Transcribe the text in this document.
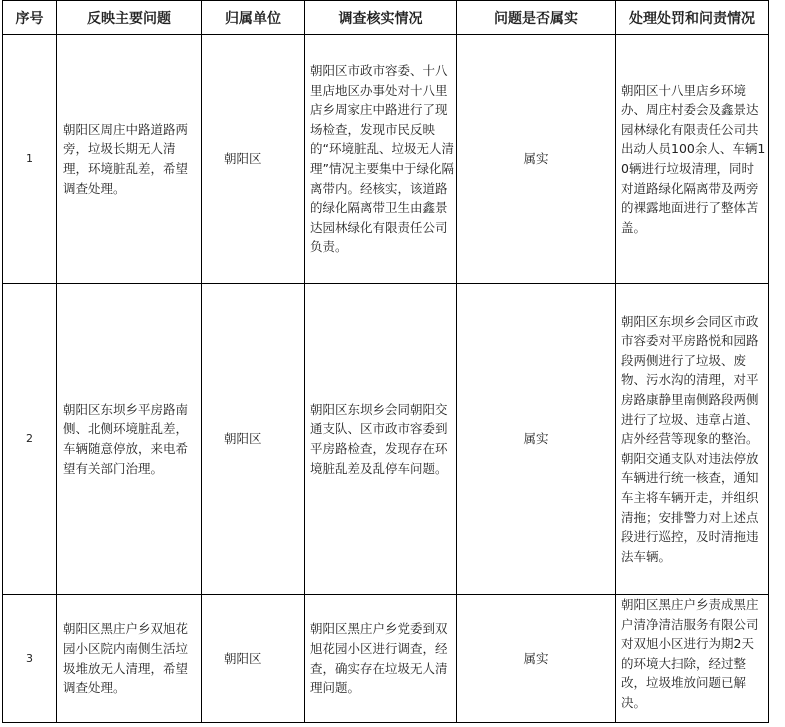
序号	反映主要问题	归属单位	调查核实情况	问题是否属实	处理处罚和问责情况
1	朝阳区周庄中路道路两旁，垃圾长期无人清理，环境脏乱差，希望调查处理。	朝阳区	朝阳区市政市容委、十八里店地区办事处对十八里店乡周家庄中路进行了现场检查，发现市民反映的“环境脏乱、垃圾无人清理”情况主要集中于绿化隔离带内。经核实，该道路的绿化隔离带卫生由鑫景达园林绿化有限责任公司负责。	属实	朝阳区十八里店乡环境办、周庄村委会及鑫景达园林绿化有限责任公司共出动人员100余人、车辆10辆进行垃圾清理，同时对道路绿化隔离带及两旁的裸露地面进行了整体苫盖。
2	朝阳区东坝乡平房路南侧、北侧环境脏乱差，车辆随意停放，来电希望有关部门治理。	朝阳区	朝阳区东坝乡会同朝阳交通支队、区市政市容委到平房路检查，发现存在环境脏乱差及乱停车问题。	属实	朝阳区东坝乡会同区市政市容委对平房路悦和园路段两侧进行了垃圾、废物、污水沟的清理，对平房路康静里南侧路段两侧进行了垃圾、违章占道、店外经营等现象的整治。朝阳交通支队对违法停放车辆进行统一核查，通知车主将车辆开走，并组织清拖；安排警力对上述点段进行巡控，及时清拖违法车辆。
3	朝阳区黑庄户乡双旭花园小区院内南侧生活垃圾堆放无人清理，希望调查处理。	朝阳区	朝阳区黑庄户乡党委到双旭花园小区进行调查，经查，确实存在垃圾无人清理问题。	属实	朝阳区黑庄户乡责成黑庄户清净清洁服务有限公司对双旭小区进行为期2天的环境大扫除，经过整改，垃圾堆放问题已解决。
